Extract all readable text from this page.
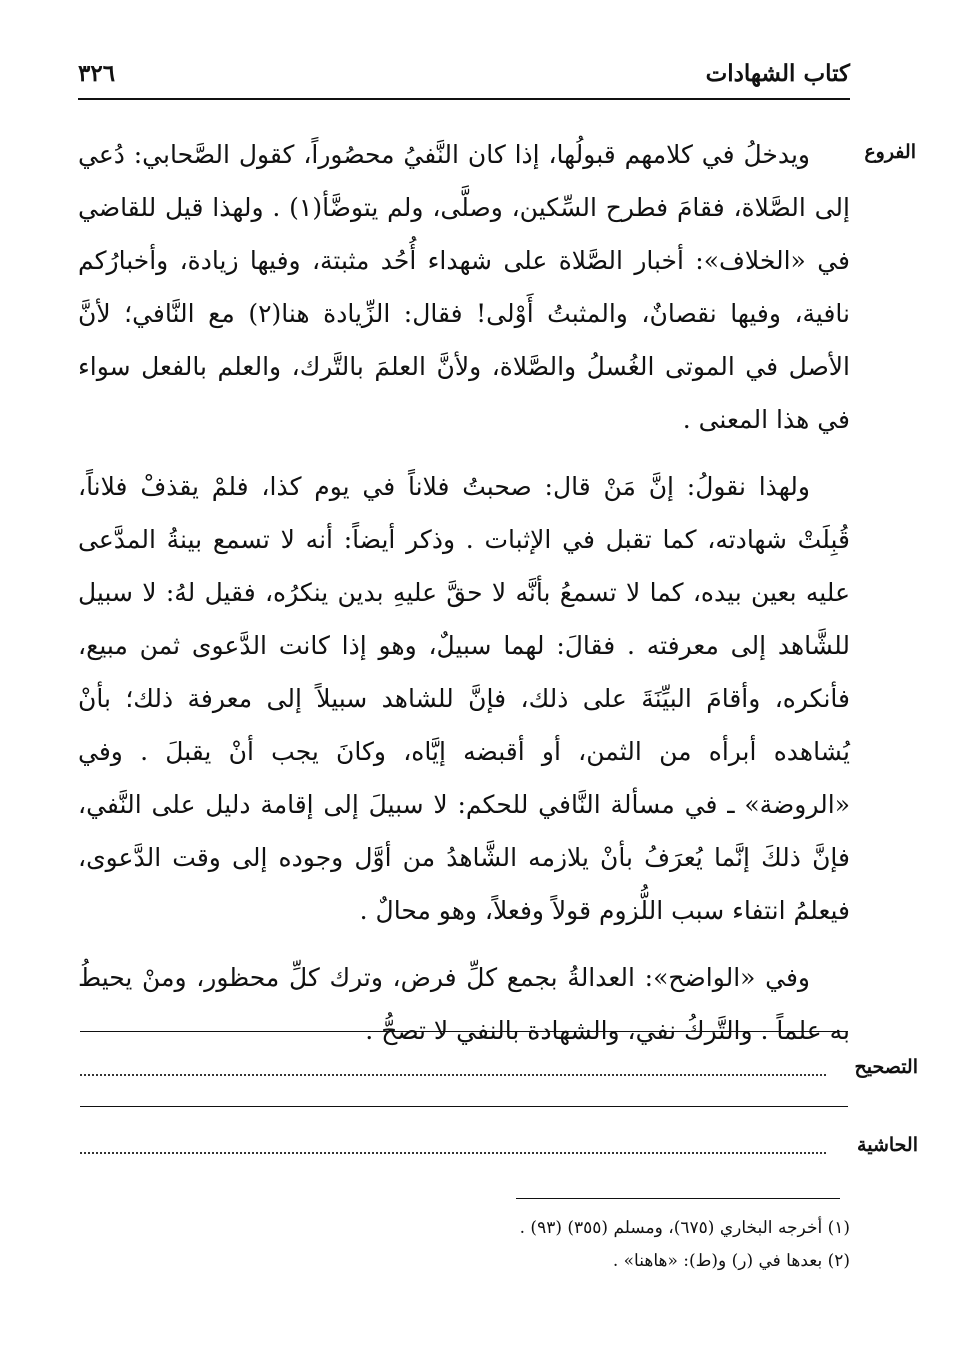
٣٢٦	كتاب الشهادات
الفروع

ويدخلُ في كلامهم قبولُها، إذا كان النَّفيُ محصُوراً، كقول الصَّحابي: دُعي إلى الصَّلاة، فقامَ فطرح السِّكين، وصلَّى، ولم يتوضَّأ(١) . ولهذا قيل للقاضي في «الخلاف»: أخبار الصَّلاة على شهداء أُحُد مثبتة، وفيها زيادة، وأخبارُكم نافية، وفيها نقصانٌ، والمثبتُ أَوْلى! فقال: الزِّيادة هنا(٢) مع النَّافي؛ لأنَّ الأصل في الموتى الغُسلُ والصَّلاة، ولأنَّ العلمَ بالتَّرك، والعلم بالفعل سواء في هذا المعنى .

ولهذا نقولُ: إنَّ مَنْ قال: صحبتُ فلاناً في يوم كذا، فلمْ يقذفْ فلاناً، قُبِلَتْ شهادته، كما تقبل في الإثبات . وذكر أيضاً: أنه لا تسمع بينةُ المدَّعى عليه بعين بيده، كما لا تسمعُ بأنَّه لا حقَّ عليهِ بدين ينكرُه، فقيل لهُ: لا سبيل للشَّاهد إلى معرفته . فقالَ: لهما سبيلٌ، وهو إذا كانت الدَّعوى ثمن مبيع، فأنكره، وأقامَ البيِّنَةَ على ذلك، فإنَّ للشاهد سبيلاً إلى معرفة ذلك؛ بأنْ يُشاهده أبرأه من الثمن، أو أقبضه إيَّاه، وكانَ يجب أنْ يقبلَ . وفي «الروضة» ـ في مسألة النَّافي للحكم: لا سبيلَ إلى إقامة دليل على النَّفي، فإنَّ ذلكَ إنَّما يُعرَفُ بأنْ يلازمه الشَّاهدُ من أوَّل وجوده إلى وقت الدَّعوى، فيعلمُ انتفاء سبب اللُّزوم قولاً وفعلاً، وهو محالٌ .

وفي «الواضح»: العدالةُ بجمع كلِّ فرض، وترك كلِّ محظور، ومنْ يحيطُ به علماً . والتَّركُ نفي، والشهادة بالنفي لا تصحُّ .

التصحيح
الحاشية
(١) أخرجه البخاري (٦٧٥)، ومسلم (٣٥٥) (٩٣) .
(٢) بعدها في (ر) و(ط): «هاهنا» .
